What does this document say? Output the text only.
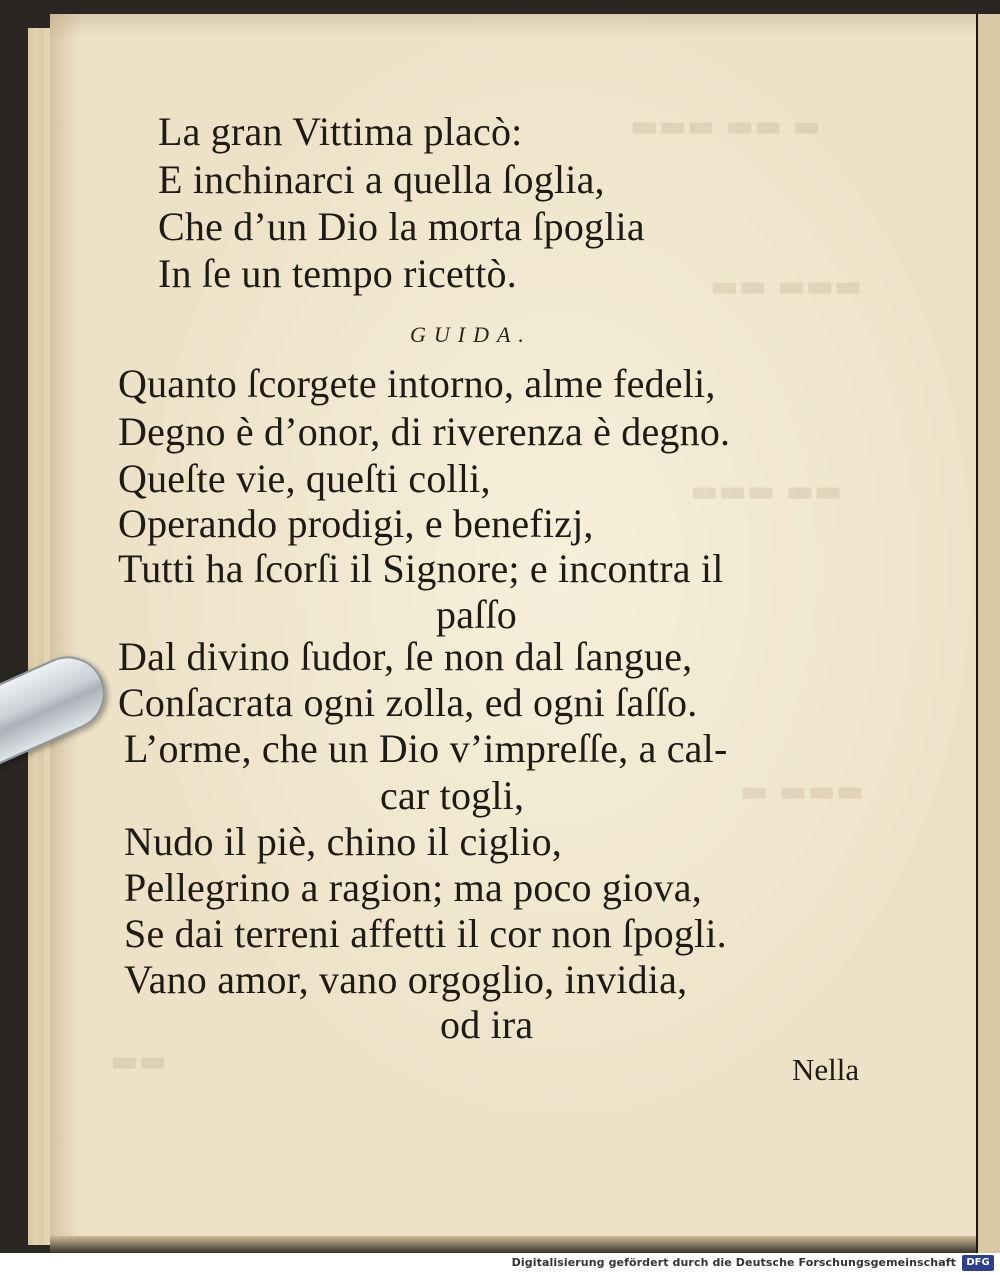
▬ ▬▬ ▬▬▬
▬▬▬ ▬▬
▬▬ ▬▬▬
▬▬▬ ▬
▬▬

La gran Vittima placò:

E inchinarci a quella ſoglia,

Che d’un Dio la morta ſpoglia

In ſe un tempo ricettò.

GUIDA.

Quanto ſcorgete intorno, alme fedeli,

Degno è d’onor, di riverenza è degno.

Queſte vie, queſti colli,

Operando prodigi, e benefizj,

Tutti ha ſcorſi il Signore; e incontra il

paſſo

Dal divino ſudor, ſe non dal ſangue,

Conſacrata ogni zolla, ed ogni ſaſſo.

L’orme, che un Dio v’impreſſe, a cal-

car togli,

Nudo il piè, chino il ciglio,

Pellegrino a ragion; ma poco giova,

Se dai terreni affetti il cor non ſpogli.

Vano amor, vano orgoglio, invidia,

od ira

Nella
Digitalisierung gefördert durch die Deutsche Forschungsgemeinschaft	DFG
